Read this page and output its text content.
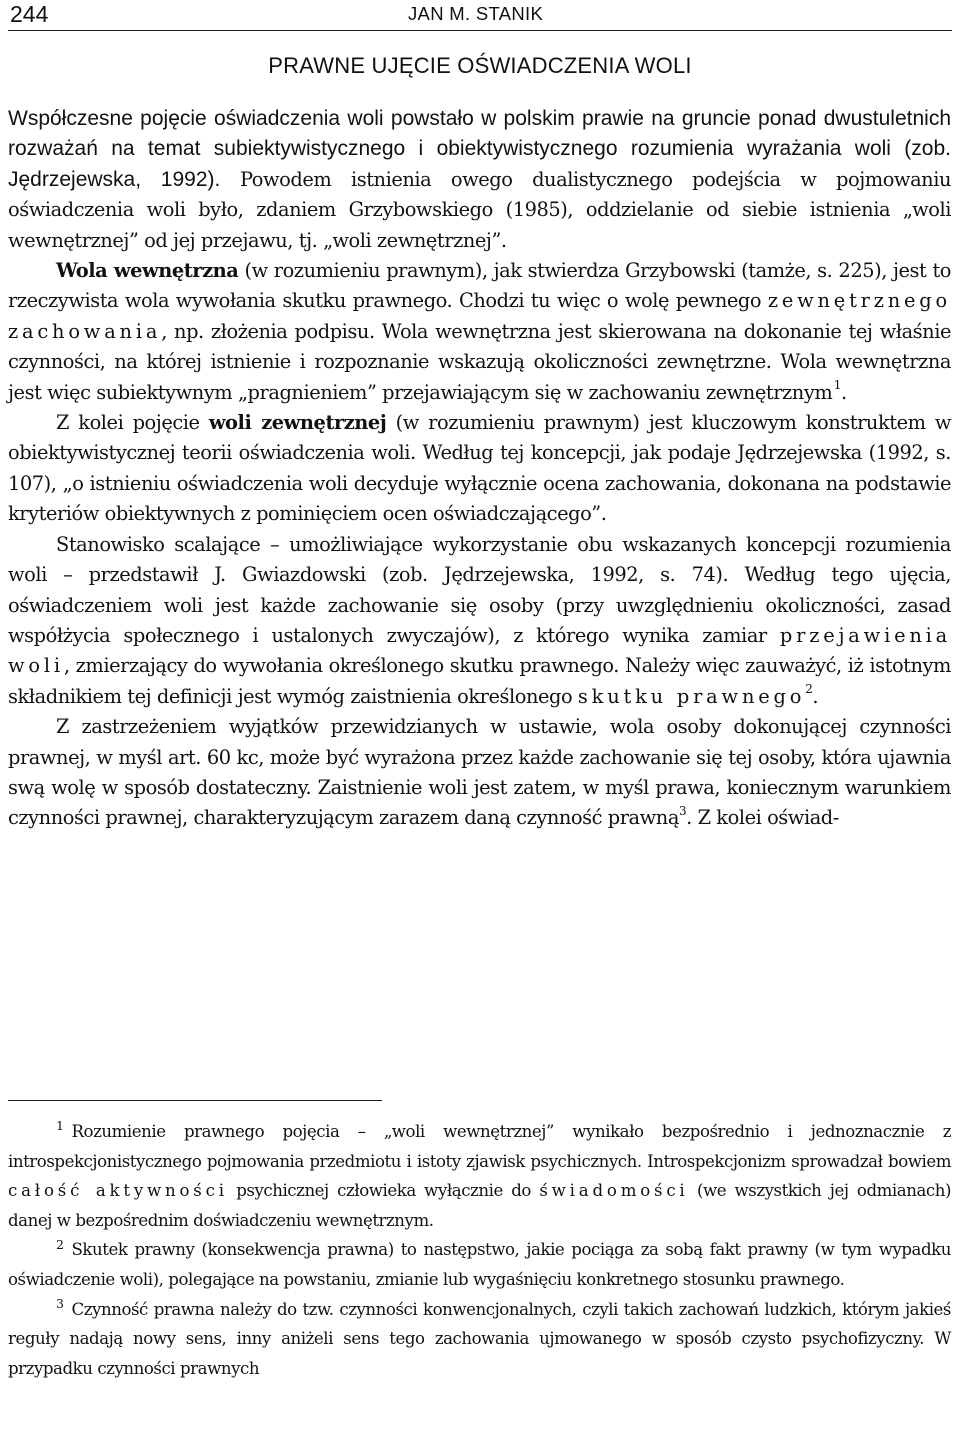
244	JAN M. STANIK
PRAWNE UJĘCIE OŚWIADCZENIA WOLI

Współczesne pojęcie oświadczenia woli powstało w polskim prawie na gruncie ponad dwustuletnich rozważań na temat subiektywistycznego i obiektywistycznego rozumienia wyrażania woli (zob. Jędrzejewska, 1992). Powodem istnienia owego dualistycznego podejścia w pojmowaniu oświadczenia woli było, zdaniem Grzybowskiego (1985), oddzielanie od siebie istnienia „woli wewnętrznej” od jej przejawu, tj. „woli zewnętrznej”.

Wola wewnętrzna (w rozumieniu prawnym), jak stwierdza Grzybowski (tamże, s. 225), jest to rzeczywista wola wywołania skutku prawnego. Chodzi tu więc o wolę pewnego zewnętrznego zachowania, np. złożenia podpisu. Wola wewnętrzna jest skierowana na dokonanie tej właśnie czynności, na której istnienie i rozpoznanie wskazują okoliczności zewnętrzne. Wola wewnętrzna jest więc subiektywnym „pragnieniem” przejawiającym się w zachowaniu zewnętrznym $^1$.

Z kolei pojęcie woli zewnętrznej (w rozumieniu prawnym) jest kluczowym konstruktem w obiektywistycznej teorii oświadczenia woli. Według tej koncepcji, jak podaje Jędrzejewska (1992, s. 107), „o istnieniu oświadczenia woli decyduje wyłącznie ocena zachowania, dokonana na podstawie kryteriów obiektywnych z pominięciem ocen oświadczającego”.

Stanowisko scalające – umożliwiające wykorzystanie obu wskazanych koncepcji rozumienia woli – przedstawił J. Gwiazdowski (zob. Jędrzejewska, 1992, s. 74). Według tego ujęcia, oświadczeniem woli jest każde zachowanie się osoby (przy uwzględnieniu okoliczności, zasad współżycia społecznego i ustalonych zwyczajów), z którego wynika zamiar przejawienia woli, zmierzający do wywołania określonego skutku prawnego. Należy więc zauważyć, iż istotnym składnikiem tej definicji jest wymóg zaistnienia określonego skutku prawnego$^2$.

Z zastrzeżeniem wyjątków przewidzianych w ustawie, wola osoby dokonującej czynności prawnej, w myśl art. 60 kc, może być wyrażona przez każde zachowanie się tej osoby, która ujawnia swą wolę w sposób dostateczny. Zaistnienie woli jest zatem, w myśl prawa, koniecznym warunkiem czynności prawnej, charakteryzującym zarazem daną czynność prawną$^3$. Z kolei oświad-

$^1$ Rozumienie prawnego pojęcia – „woli wewnętrznej” wynikało bezpośrednio i jednoznacznie z introspekcjonistycznego pojmowania przedmiotu i istoty zjawisk psychicznych. Introspekcjonizm sprowadzał bowiem całość aktywności psychicznej człowieka wyłącznie do świadomości (we wszystkich jej odmianach) danej w bezpośrednim doświadczeniu wewnętrznym.

$^2$ Skutek prawny (konsekwencja prawna) to następstwo, jakie pociąga za sobą fakt prawny (w tym wypadku oświadczenie woli), polegające na powstaniu, zmianie lub wygaśnięciu konkretnego stosunku prawnego.

$^3$ Czynność prawna należy do tzw. czynności konwencjonalnych, czyli takich zachowań ludzkich, którym jakieś reguły nadają nowy sens, inny aniżeli sens tego zachowania ujmowanego w sposób czysto psychofizyczny. W przypadku czynności prawnych
